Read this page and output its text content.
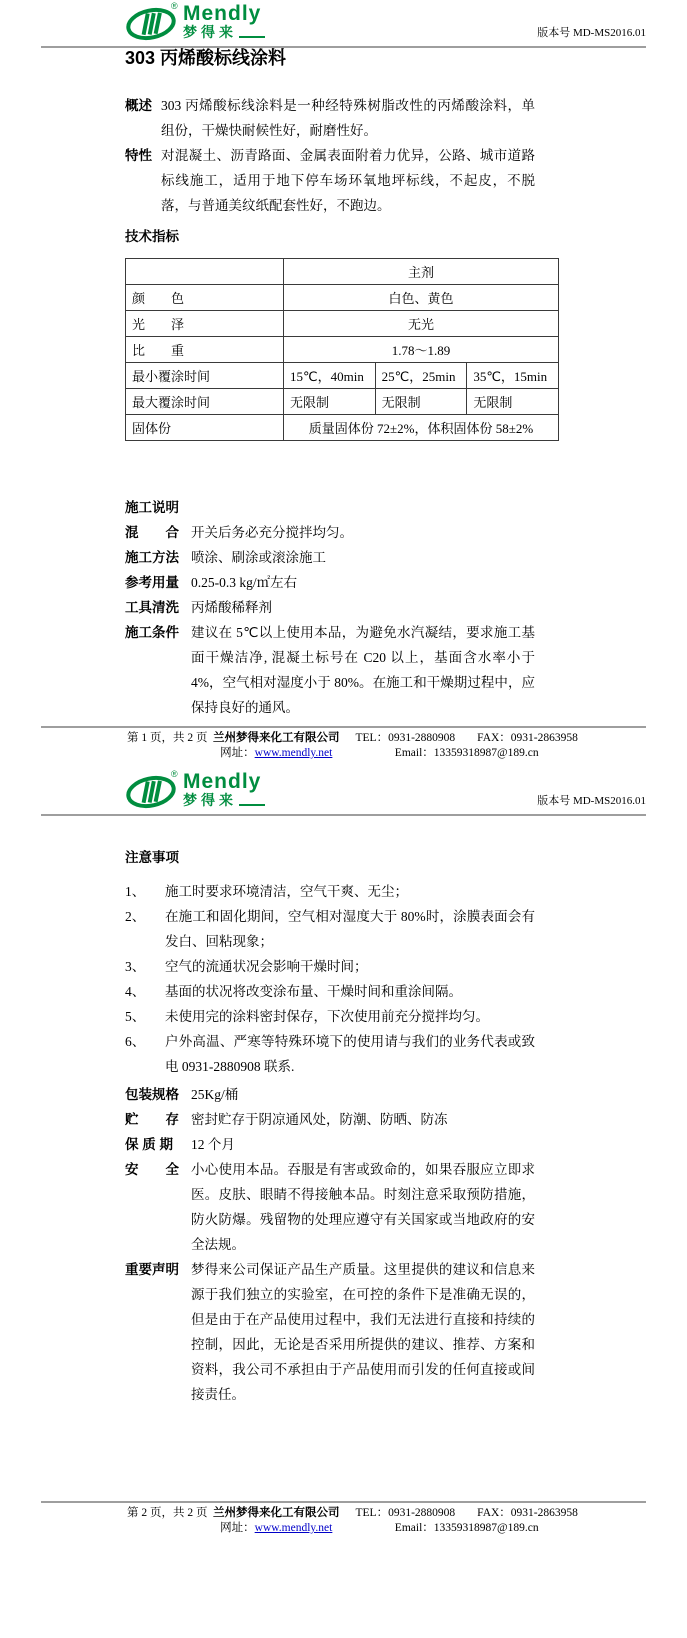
® Mendly
梦得来	版本号 MD-MS2016.01
303 丙烯酸标线涂料
概述 303 丙烯酸标线涂料是一种经特殊树脂改性的丙烯酸涂料，单组份，干燥快耐候性好，耐磨性好。
特性 对混凝土、沥青路面、金属表面附着力优异，公路、城市道路标线施工，适用于地下停车场环氧地坪标线，不起皮，不脱落，与普通美纹纸配套性好，不跑边。
技术指标
	主剂		
颜　　色	白色、黄色		
光　　泽	无光		
比　　重	1.78～1.89		
最小覆涂时间	15℃，40min	25℃，25min	35℃，15min
最大覆涂时间	无限制	无限制	无限制
固体份	质量固体份 72±2%，体积固体份 58±2%		
施工说明
混　　合 开关后务必充分搅拌均匀。
施工方法 喷涂、刷涂或滚涂施工
参考用量 0.25-0.3 kg/㎡左右
工具清洗 丙烯酸稀释剂
施工条件 建议在 5℃以上使用本品，为避免水汽凝结，要求施工基面干燥洁净, 混凝土标号在 C20 以上，基面含水率小于 4%，空气相对湿度小于 80%。在施工和干燥期过程中，应保持良好的通风。
第 1 页，共 2 页 兰州梦得来化工有限公司
网址：www.mendly.net
TEL：0931-2880908 FAX：0931-2863958
Email：13359318987@189.cn
® Mendly
梦得来	版本号 MD-MS2016.01
注意事项
1、	施工时要求环境清洁，空气干爽、无尘；
2、	在施工和固化期间，空气相对湿度大于 80%时，涂膜表面会有发白、回粘现象；
3、	空气的流通状况会影响干燥时间；
4、	基面的状况将改变涂布量、干燥时间和重涂间隔。
5、	未使用完的涂料密封保存，下次使用前充分搅拌均匀。
6、	户外高温、严寒等特殊环境下的使用请与我们的业务代表或致电 0931-2880908 联系.
包装规格 25Kg/桶
贮　　存 密封贮存于阴凉通风处，防潮、防晒、防冻
保 质 期	12 个月
安　　全 小心使用本品。吞服是有害或致命的，如果吞服应立即求医。皮肤、眼睛不得接触本品。时刻注意采取预防措施，防火防爆。残留物的处理应遵守有关国家或当地政府的安全法规。
重要声明 梦得来公司保证产品生产质量。这里提供的建议和信息来源于我们独立的实验室，在可控的条件下是准确无误的，但是由于在产品使用过程中，我们无法进行直接和持续的控制，因此，无论是否采用所提供的建议、推荐、方案和资料，我公司不承担由于产品使用而引发的任何直接或间接责任。
第 2 页，共 2 页 兰州梦得来化工有限公司
网址：www.mendly.net
TEL：0931-2880908 FAX：0931-2863958
Email：13359318987@189.cn
